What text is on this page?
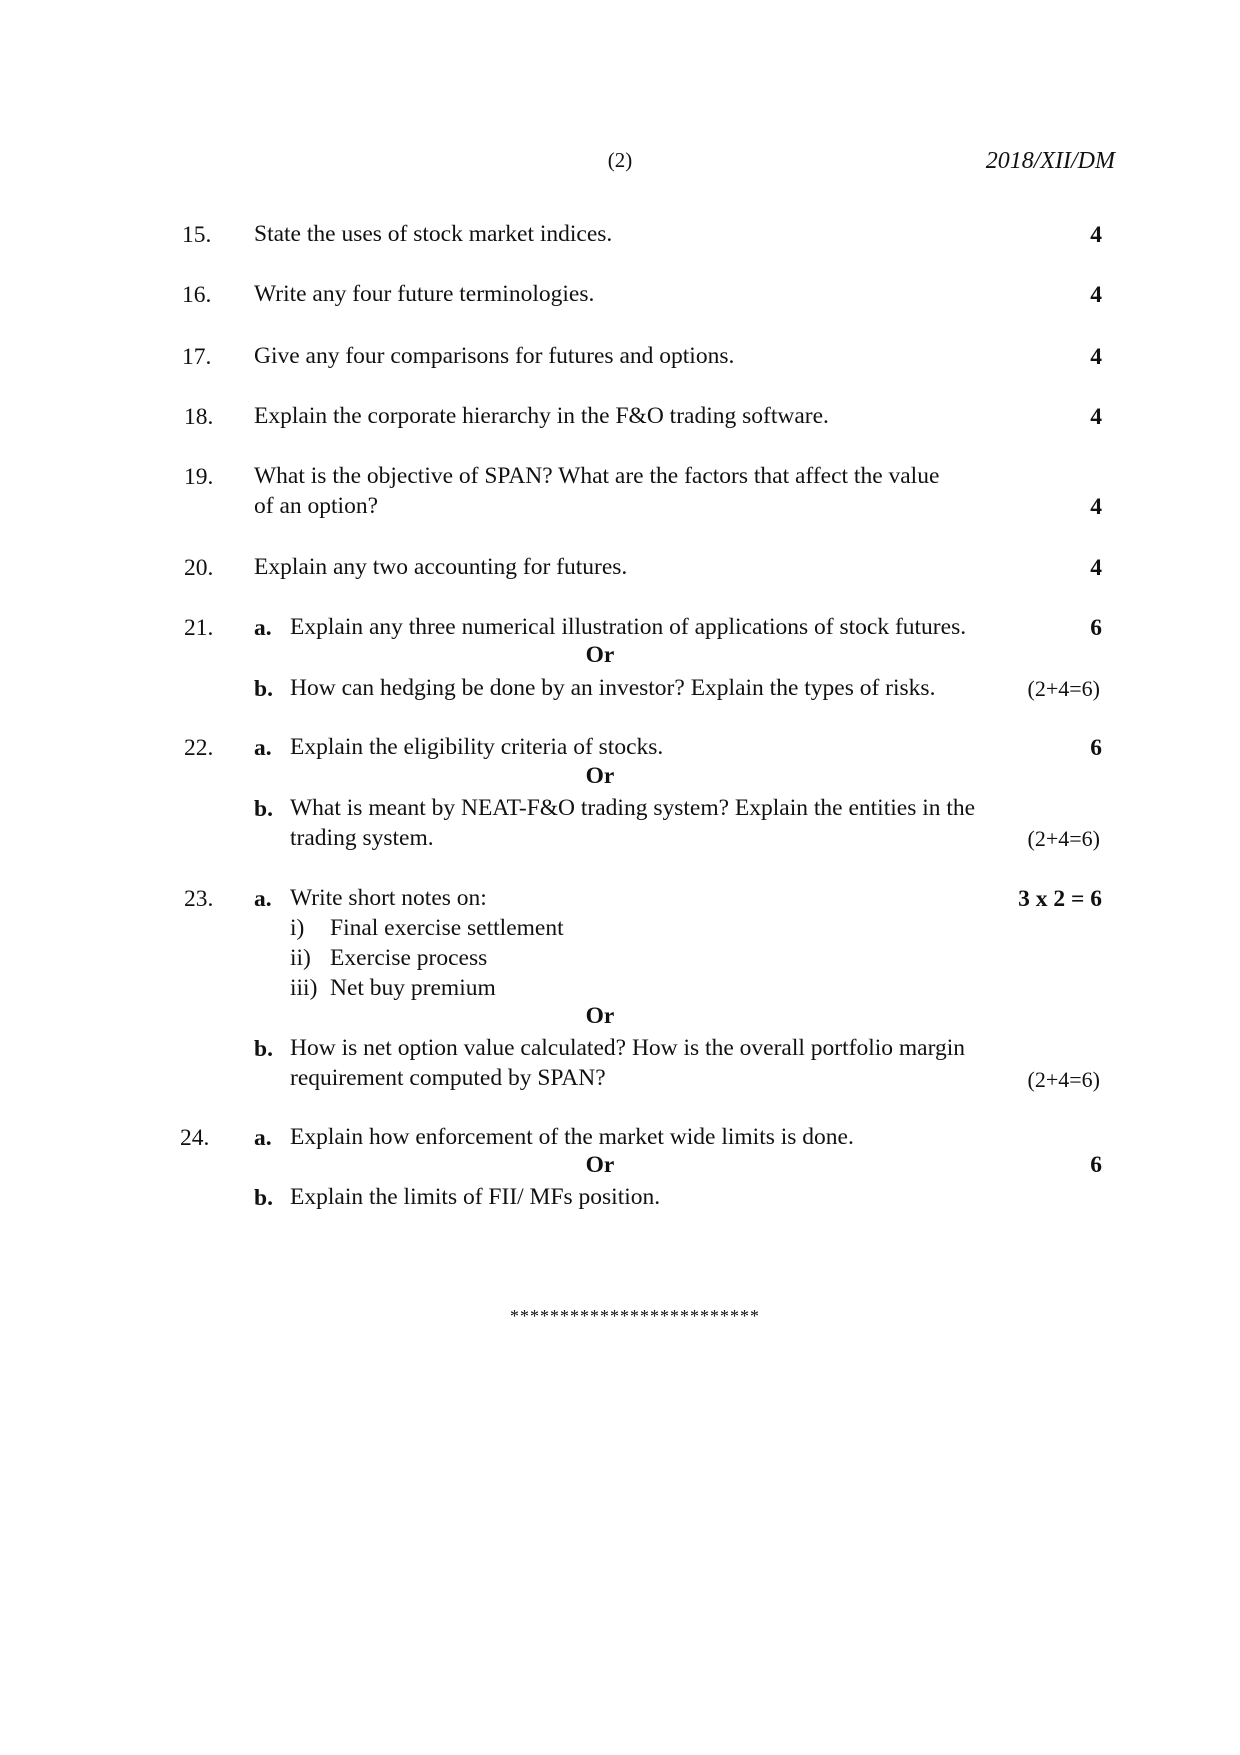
(2)	2018/XII/DM
15. State the uses of stock market indices.	4
16. Write any four future terminologies.	4
17. Give any four comparisons for futures and options.	4
18. Explain the corporate hierarchy in the F&O trading software.	4
19. What is the objective of SPAN? What are the factors that affect the value
of an option?	4
20. Explain any two accounting for futures.	4
21. a. Explain any three numerical illustration of applications of stock futures.	6
Or
b. How can hedging be done by an investor? Explain the types of risks.	(2+4=6)
22. a. Explain the eligibility criteria of stocks.	6
Or
b. What is meant by NEAT-F&O trading system? Explain the entities in the
trading system.	(2+4=6)
23. a. Write short notes on:	3 x 2 = 6
i) Final exercise settlement
ii) Exercise process
iii) Net buy premium
Or
b. How is net option value calculated? How is the overall portfolio margin
requirement computed by SPAN?	(2+4=6)
24. a. Explain how enforcement of the market wide limits is done.
Or	6
b. Explain the limits of FII/ MFs position.
*************************
